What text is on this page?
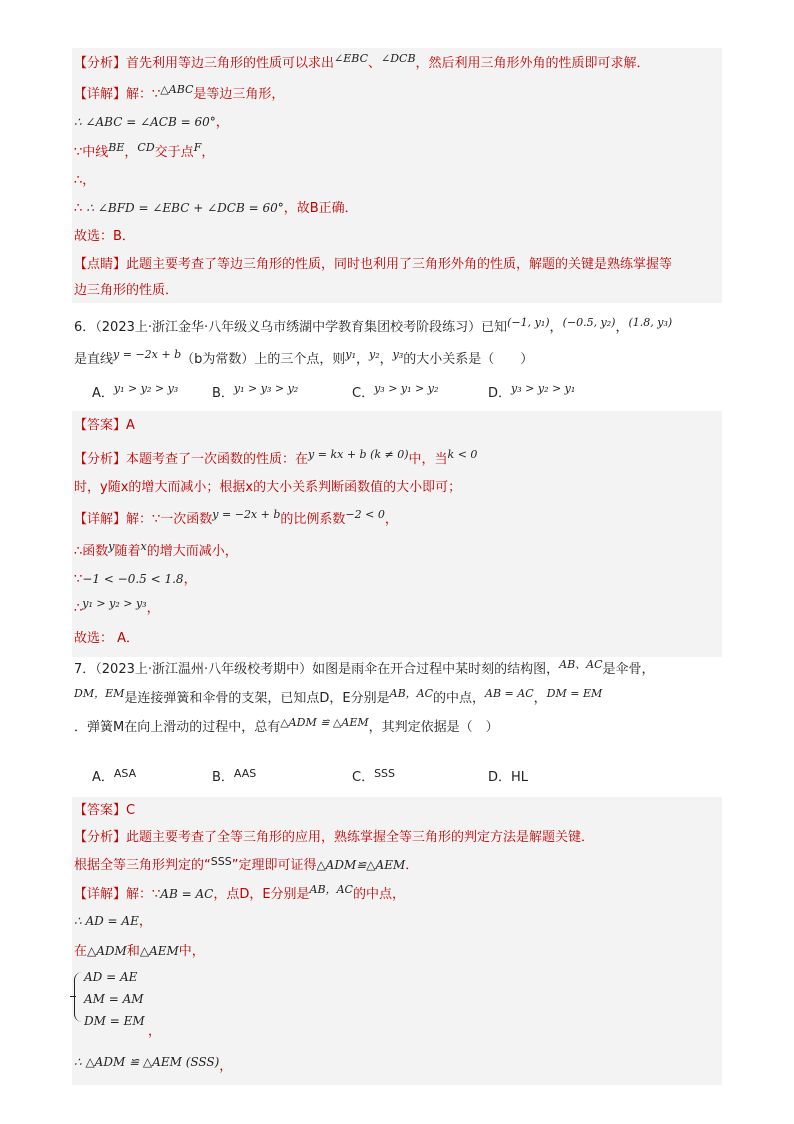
【分析】首先利用等边三角形的性质可以求出$^{\angle EBC}$、$^{\angle DCB}$，然后利用三角形外角的性质即可求解．
【详解】解：∵$^{\triangle ABC}$是等边三角形，
∴ ∠ABC = ∠ACB = 60°，
∵中线$^{BE}$，$^{CD}$交于点$^F$，
∴，
∴ ∴ ∠BFD = ∠EBC + ∠DCB = 60°，故B正确．
故选：B．
【点睛】此题主要考查了等边三角形的性质，同时也利用了三角形外角的性质，解题的关键是熟练掌握等
边三角形的性质．
6．（2023上·浙江金华·八年级义乌市绣湖中学教育集团校考阶段练习）已知$^{(-1, y_1)}$，$^{(-0.5, y_2)}$，$^{(1.8, y_3)}$
是直线$^{y = -2x + b}$（b为常数）上的三个点，则$^{y_1}$，$^{y_2}$，$^{y_3}$的大小关系是（　　）
A．$^{y_1 > y_2 > y_3}$	B．$^{y_1 > y_3 > y_2}$	C．$^{y_3 > y_1 > y_2}$	D．$^{y_3 > y_2 > y_1}$
【答案】A
【分析】本题考查了一次函数的性质：在$^{y = kx + b (k \ne 0)}$中，当$^{k < 0}$
时，y随x的增大而减小；根据x的大小关系判断函数值的大小即可；
【详解】解：∵一次函数$^{y = -2x + b}$的比例系数$^{-2 < 0}$，
∴函数$^y$随着$^x$的增大而减小，
∵−1 < −0.5 < 1.8，
∴$^{y_1 > y_2 > y_3}$，
故选： A．
7．（2023上·浙江温州·八年级校考期中）如图是雨伞在开合过程中某时刻的结构图，$^{AB、AC}$是伞骨，
$^{DM,EM}$是连接弹簧和伞骨的支架，已知点D，E分别是$^{AB,AC}$的中点，$^{AB = AC}$，$^{DM = EM}$
．弹簧M在向上滑动的过程中，总有$^{\triangle ADM ≌ \triangle AEM}$，其判定依据是（　）
A．$^{ASA}$	B．$^{AAS}$	C．$^{SSS}$	D．HL
【答案】C
【分析】此题主要考查了全等三角形的应用，熟练掌握全等三角形的判定方法是解题关键．
根据全等三角形判定的“$^{SSS}$”定理即可证得△ADM≌△AEM．
【详解】解：∵AB = AC，点D，E分别是$^{AB,AC}$的中点，
∴ AD = AE，
在△ADM和△AEM中，
AD = AE
AM = AM
DM = EM
，
∴ △ADM ≌ △AEM (SSS)，
